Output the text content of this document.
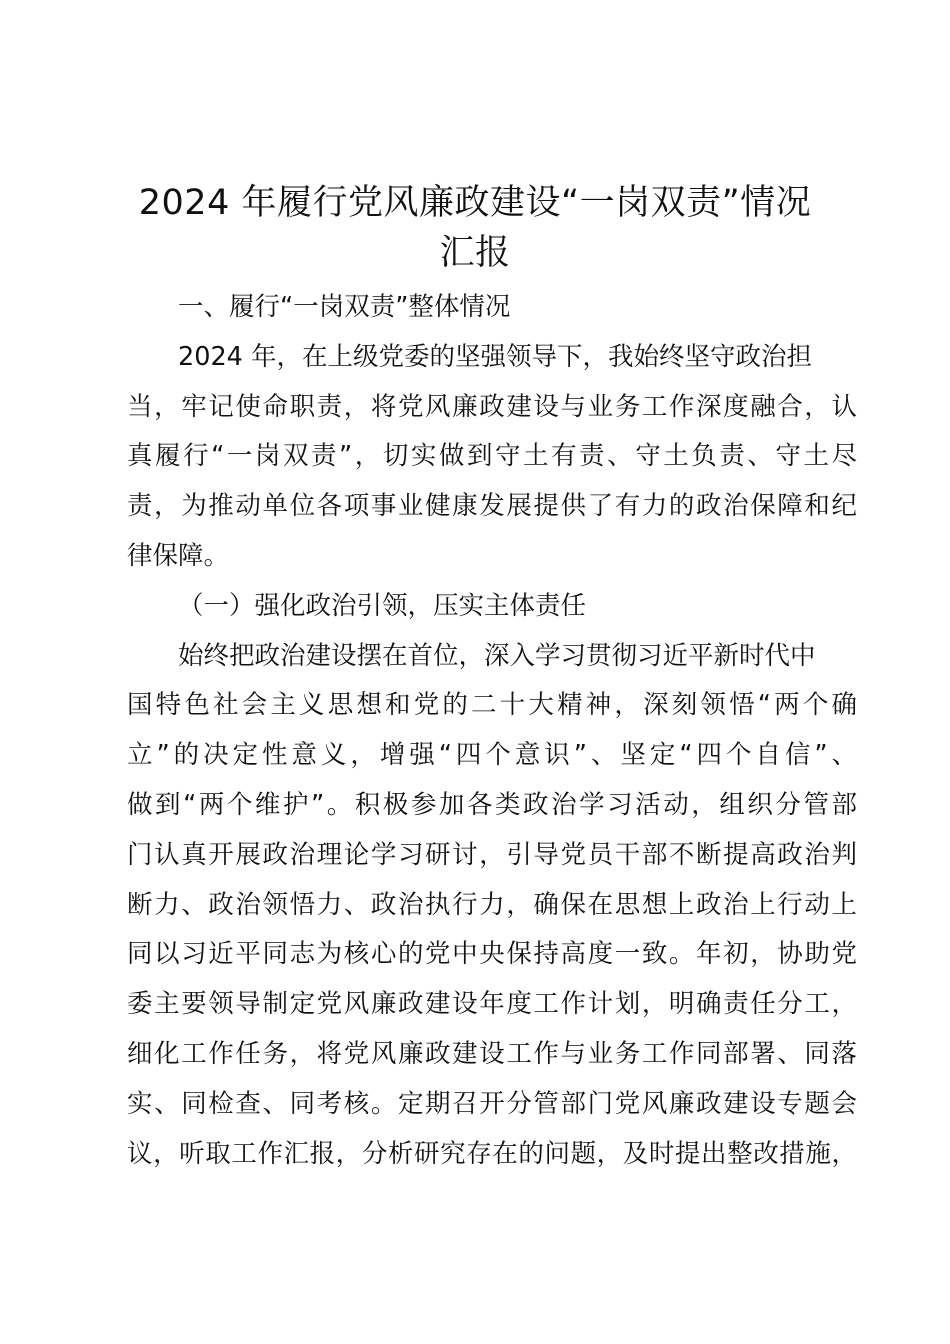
2024 年履行党风廉政建设“一岗双责”情况
汇报
一、履行“一岗双责”整体情况
2024 年，在上级党委的坚强领导下，我始终坚守政治担
当，牢记使命职责，将党风廉政建设与业务工作深度融合，认
真履行“一岗双责”，切实做到守土有责、守土负责、守土尽
责，为推动单位各项事业健康发展提供了有力的政治保障和纪
律保障。
（一）强化政治引领，压实主体责任
始终把政治建设摆在首位，深入学习贯彻习近平新时代中
国特色社会主义思想和党的二十大精神，深刻领悟“两个确
立”的决定性意义，增强“四个意识”、坚定“四个自信”、
做到“两个维护”。积极参加各类政治学习活动，组织分管部
门认真开展政治理论学习研讨，引导党员干部不断提高政治判
断力、政治领悟力、政治执行力，确保在思想上政治上行动上
同以习近平同志为核心的党中央保持高度一致。年初，协助党
委主要领导制定党风廉政建设年度工作计划，明确责任分工，
细化工作任务，将党风廉政建设工作与业务工作同部署、同落
实、同检查、同考核。定期召开分管部门党风廉政建设专题会
议，听取工作汇报，分析研究存在的问题，及时提出整改措施，
